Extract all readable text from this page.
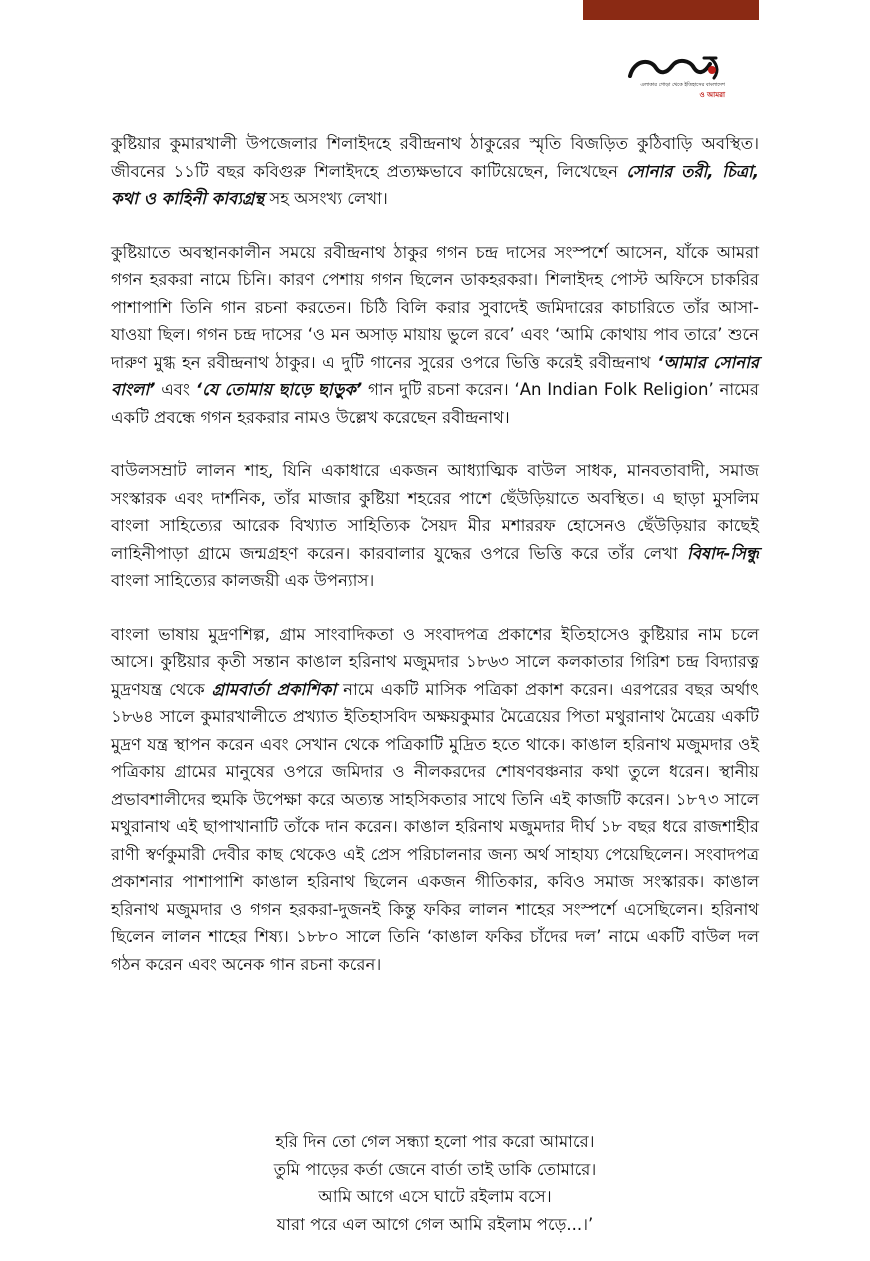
এলাকার গোড়া থেকে ইতিহাসের বাংলাদেশ
ও আমরা

কুষ্টিয়ার কুমারখালী উপজেলার শিলাইদহে রবীন্দ্রনাথ ঠাকুরের স্মৃতি বিজড়িত কুঠিবাড়ি অবস্থিত। জীবনের ১১টি বছর কবিগুরু শিলাইদহে প্রত্যক্ষভাবে কাটিয়েছেন, লিখেছেন সোনার তরী, চিত্রা, কথা ও কাহিনী কাব্যগ্রন্থ সহ অসংখ্য লেখা।

কুষ্টিয়াতে অবস্থানকালীন সময়ে রবীন্দ্রনাথ ঠাকুর গগন চন্দ্র দাসের সংস্পর্শে আসেন, যাঁকে আমরা গগন হরকরা নামে চিনি। কারণ পেশায় গগন ছিলেন ডাকহরকরা। শিলাইদহ পোস্ট অফিসে চাকরির পাশাপাশি তিনি গান রচনা করতেন। চিঠি বিলি করার সুবাদেই জমিদারের কাচারিতে তাঁর আসা-যাওয়া ছিল। গগন চন্দ্র দাসের ‘ও মন অসাড় মায়ায় ভুলে রবে’ এবং ‘আমি কোথায় পাব তারে’ শুনে দারুণ মুগ্ধ হন রবীন্দ্রনাথ ঠাকুর। এ দুটি গানের সুরের ওপরে ভিত্তি করেই রবীন্দ্রনাথ ‘আমার সোনার বাংলা’ এবং ‘যে তোমায় ছাড়ে ছাড়ুক’ গান দুটি রচনা করেন। ‘An Indian Folk Religion’ নামের একটি প্রবন্ধে গগন হরকরার নামও উল্লেখ করেছেন রবীন্দ্রনাথ।

বাউলসম্রাট লালন শাহ, যিনি একাধারে একজন আধ্যাত্মিক বাউল সাধক, মানবতাবাদী, সমাজ সংস্কারক এবং দার্শনিক, তাঁর মাজার কুষ্টিয়া শহরের পাশে ছেঁউড়িয়াতে অবস্থিত। এ ছাড়া মুসলিম বাংলা সাহিত্যের আরেক বিখ্যাত সাহিত্যিক সৈয়দ মীর মশাররফ হোসেনও ছেঁউড়িয়ার কাছেই লাহিনীপাড়া গ্রামে জন্মগ্রহণ করেন। কারবালার যুদ্ধের ওপরে ভিত্তি করে তাঁর লেখা বিষাদ-সিন্ধু বাংলা সাহিত্যের কালজয়ী এক উপন্যাস।

বাংলা ভাষায় মুদ্রণশিল্প, গ্রাম সাংবাদিকতা ও সংবাদপত্র প্রকাশের ইতিহাসেও কুষ্টিয়ার নাম চলে আসে। কুষ্টিয়ার কৃতী সন্তান কাঙাল হরিনাথ মজুমদার ১৮৬৩ সালে কলকাতার গিরিশ চন্দ্র বিদ্যারত্ন মুদ্রণযন্ত্র থেকে গ্রামবার্তা প্রকাশিকা নামে একটি মাসিক পত্রিকা প্রকাশ করেন। এরপরের বছর অর্থাৎ ১৮৬৪ সালে কুমারখালীতে প্রখ্যাত ইতিহাসবিদ অক্ষয়কুমার মৈত্রেয়ের পিতা মথুরানাথ মৈত্রেয় একটি মুদ্রণ যন্ত্র স্থাপন করেন এবং সেখান থেকে পত্রিকাটি মুদ্রিত হতে থাকে। কাঙাল হরিনাথ মজুমদার ওই পত্রিকায় গ্রামের মানুষের ওপরে জমিদার ও নীলকরদের শোষণবঞ্চনার কথা তুলে ধরেন। স্থানীয় প্রভাবশালীদের হুমকি উপেক্ষা করে অত্যন্ত সাহসিকতার সাথে তিনি এই কাজটি করেন। ১৮৭৩ সালে মথুরানাথ এই ছাপাখানাটি তাঁকে দান করেন। কাঙাল হরিনাথ মজুমদার দীর্ঘ ১৮ বছর ধরে রাজশাহীর রাণী স্বর্ণকুমারী দেবীর কাছ থেকেও এই প্রেস পরিচালনার জন্য অর্থ সাহায্য পেয়েছিলেন। সংবাদপত্র প্রকাশনার পাশাপাশি কাঙাল হরিনাথ ছিলেন একজন গীতিকার, কবিও সমাজ সংস্কারক। কাঙাল হরিনাথ মজুমদার ও গগন হরকরা-দুজনই কিন্তু ফকির লালন শাহের সংস্পর্শে এসেছিলেন। হরিনাথ ছিলেন লালন শাহের শিষ্য। ১৮৮০ সালে তিনি ‘কাঙাল ফকির চাঁদের দল’ নামে একটি বাউল দল গঠন করেন এবং অনেক গান রচনা করেন।

হরি দিন তো গেল সন্ধ্যা হলো পার করো আমারে।
তুমি পাড়ের কর্তা জেনে বার্তা তাই ডাকি তোমারে।
আমি আগে এসে ঘাটে রইলাম বসে।
যারা পরে এল আগে গেল আমি রইলাম পড়ে...।’
